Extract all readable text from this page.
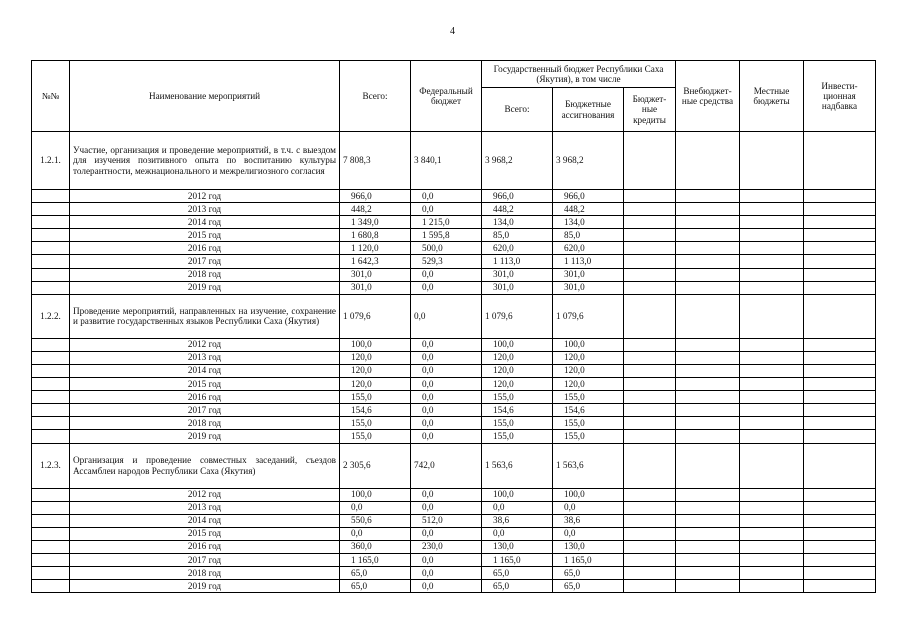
4
№№	Наименование мероприятий	Всего:	Федеральный бюджет	Государственный бюджет Республики Саха (Якутия), в том числе			Внебюджет-ные средства	Местные бюджеты	Инвести-ционная надбавка
				Всего:	Бюджетные ассигнования	Бюджет-ные кредиты			
1.2.1.	Участие, организация и проведение мероприятий, в т.ч. с выездом для изучения позитивного опыта по воспитанию культуры толерантности, межнационального и межрелигиозного согласия	7 808,3	3 840,1	3 968,2	3 968,2				
	2012 год	966,0	0,0	966,0	966,0				
	2013 год	448,2	0,0	448,2	448,2				
	2014 год	1 349,0	1 215,0	134,0	134,0				
	2015 год	1 680,8	1 595,8	85,0	85,0				
	2016 год	1 120,0	500,0	620,0	620,0				
	2017 год	1 642,3	529,3	1 113,0	1 113,0				
	2018 год	301,0	0,0	301,0	301,0				
	2019 год	301,0	0,0	301,0	301,0				
1.2.2.	Проведение мероприятий, направленных на изучение, сохранение и развитие государственных языков Республики Саха (Якутия)	1 079,6	0,0	1 079,6	1 079,6				
	2012 год	100,0	0,0	100,0	100,0				
	2013 год	120,0	0,0	120,0	120,0				
	2014 год	120,0	0,0	120,0	120,0				
	2015 год	120,0	0,0	120,0	120,0				
	2016 год	155,0	0,0	155,0	155,0				
	2017 год	154,6	0,0	154,6	154,6				
	2018 год	155,0	0,0	155,0	155,0				
	2019 год	155,0	0,0	155,0	155,0				
1.2.3.	Организация и проведение совместных заседаний, съездов Ассамблеи народов Республики Саха (Якутия)	2 305,6	742,0	1 563,6	1 563,6				
	2012 год	100,0	0,0	100,0	100,0				
	2013 год	0,0	0,0	0,0	0,0				
	2014 год	550,6	512,0	38,6	38,6				
	2015 год	0,0	0,0	0,0	0,0				
	2016 год	360,0	230,0	130,0	130,0				
	2017 год	1 165,0	0,0	1 165,0	1 165,0				
	2018 год	65,0	0,0	65,0	65,0				
	2019 год	65,0	0,0	65,0	65,0				
